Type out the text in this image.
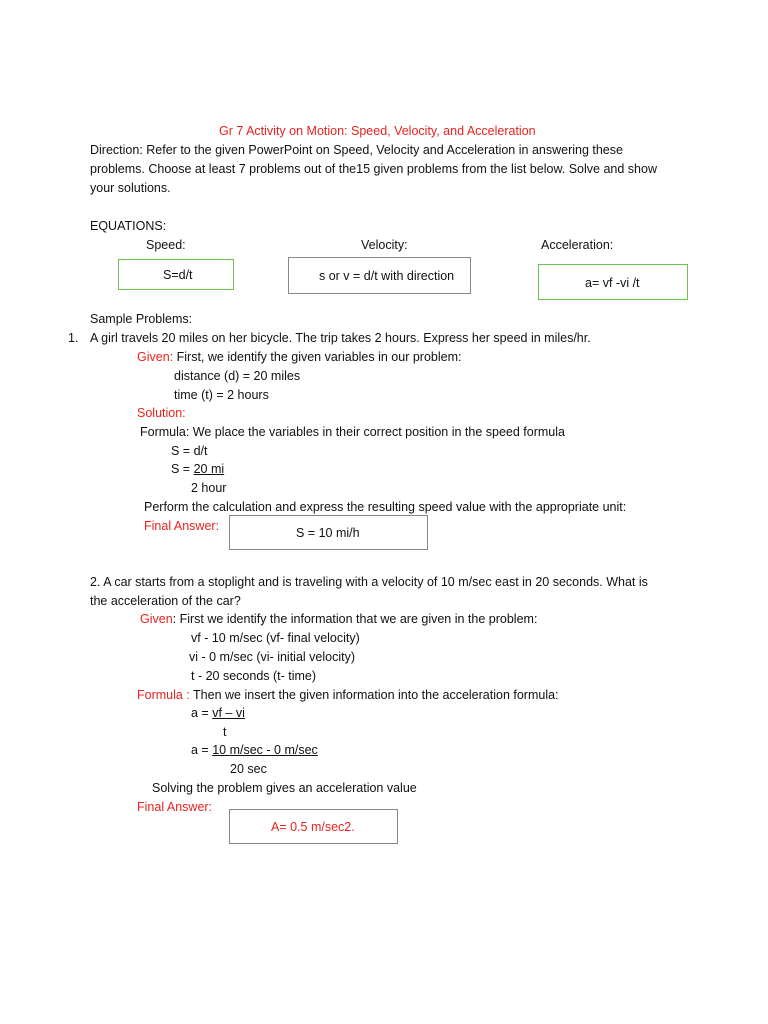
Gr 7 Activity on Motion: Speed, Velocity, and Acceleration
Direction: Refer to the given PowerPoint on Speed, Velocity and Acceleration in answering these
problems. Choose at least 7 problems out of the15 given problems from the list below. Solve and show
your solutions.
EQUATIONS:
Speed:	Velocity:	Acceleration:
S=d/t	s or v = d/t with direction	a= vf -vi /t
Sample Problems:
1. A girl travels 20 miles on her bicycle. The trip takes 2 hours. Express her speed in miles/hr.
Given: First, we identify the given variables in our problem:
distance (d) = 20 miles
time (t) = 2 hours
Solution:
Formula: We place the variables in their correct position in the speed formula
S = d/t
S = 20 mi
2 hour
Perform the calculation and express the resulting speed value with the appropriate unit:
Final Answer:	S = 10 mi/h
2. A car starts from a stoplight and is traveling with a velocity of 10 m/sec east in 20 seconds. What is
the acceleration of the car?
Given: First we identify the information that we are given in the problem:
vf - 10 m/sec (vf- final velocity)
vi - 0 m/sec (vi- initial velocity)
t - 20 seconds (t- time)
Formula : Then we insert the given information into the acceleration formula:
a = vf – vi
t
a = 10 m/sec - 0 m/sec
20 sec
Solving the problem gives an acceleration value
Final Answer:
A= 0.5 m/sec2.
